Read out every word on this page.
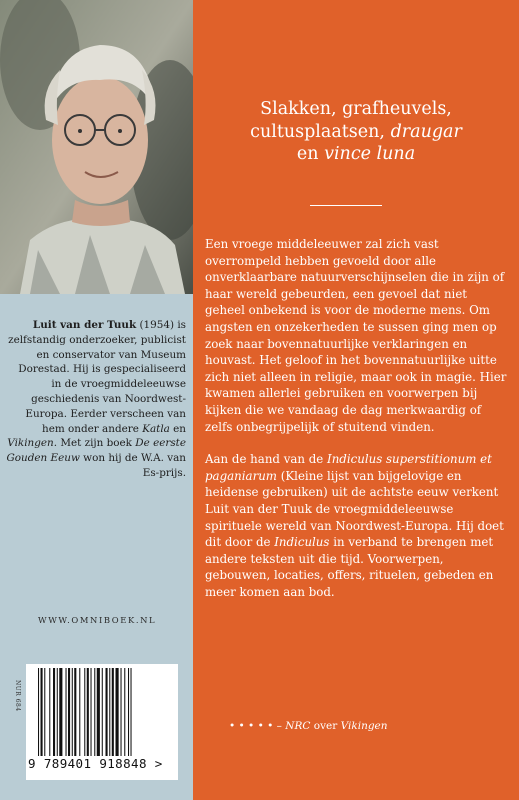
Luit van der Tuuk (1954) is zelfstandig onderzoeker, publicist en conservator van Museum Dorestad. Hij is gespecialiseerd in de vroegmiddeleeuwse geschiedenis van Noordwest-Europa. Eerder verscheen van hem onder andere Katla en Vikingen. Met zijn boek De eerste Gouden Eeuw won hij de W.A. van Es-prijs.
WWW.OMNIBOEK.NL
NUR 684
9 789401 918848 >
Slakken, grafheuvels,
cultusplaatsen, draugar
en vince luna

Een vroege middeleeuwer zal zich vast overrompeld hebben gevoeld door alle onverklaarbare natuurverschijnselen die in zijn of haar wereld gebeurden, een gevoel dat niet geheel onbekend is voor de moderne mens. Om angsten en onzekerheden te sussen ging men op zoek naar bovennatuurlijke verklaringen en houvast. Het geloof in het bovennatuurlijke uitte zich niet alleen in religie, maar ook in magie. Hier kwamen allerlei gebruiken en voorwerpen bij kijken die we vandaag de dag merkwaardig of zelfs onbegrijpelijk of stuitend vinden.

Aan de hand van de Indiculus superstitionum et paganiarum (Kleine lijst van bijgelovige en heidense gebruiken) uit de achtste eeuw verkent Luit van der Tuuk de vroegmiddeleeuwse spirituele wereld van Noordwest-Europa. Hij doet dit door de Indiculus in verband te brengen met andere teksten uit die tijd. Voorwerpen, gebouwen, locaties, offers, rituelen, gebeden en meer komen aan bod.

• • • • • – NRC over Vikingen
